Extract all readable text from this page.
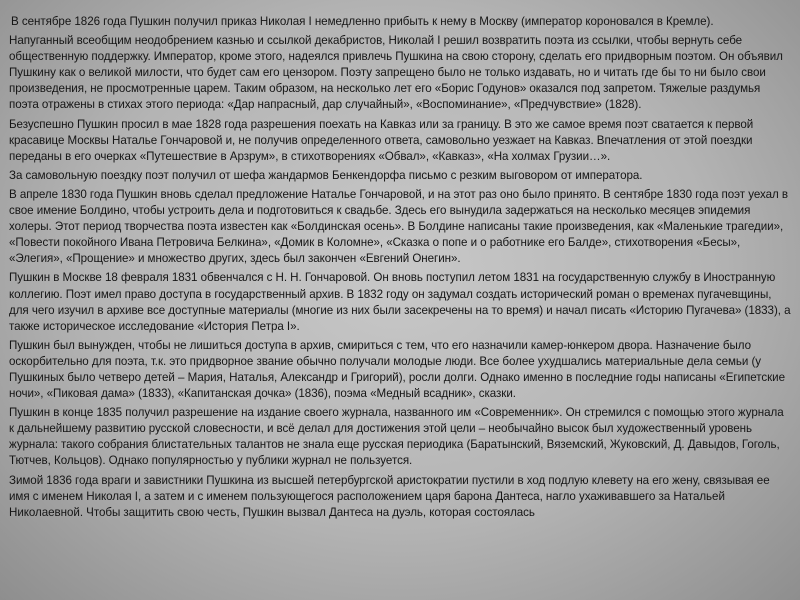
В сентябре 1826 года Пушкин получил приказ Николая I немедленно прибыть к нему в Москву (император короновался в Кремле).

Напуганный всеобщим неодобрением казнью и ссылкой декабристов, Николай I решил возвратить поэта из ссылки, чтобы вернуть себе общественную поддержку. Император, кроме этого, надеялся привлечь Пушкина на свою сторону, сделать его придворным поэтом. Он объявил Пушкину как о великой милости, что будет сам его цензором. Поэту запрещено было не только издавать, но и читать где бы то ни было свои произведения, не просмотренные царем. Таким образом, на несколько лет его «Борис Годунов» оказался под запретом. Тяжелые раздумья поэта отражены в стихах этого периода: «Дар напрасный, дар случайный», «Воспоминание», «Предчувствие» (1828).

Безуспешно Пушкин просил в мае 1828 года разрешения поехать на Кавказ или за границу. В это же самое время поэт сватается к первой красавице Москвы Наталье Гончаровой и, не получив определенного ответа, самовольно уезжает на Кавказ. Впечатления от этой поездки переданы в его очерках «Путешествие в Арзрум», в стихотворениях «Обвал», «Кавказ», «На холмах Грузии…».

За самовольную поездку поэт получил от шефа жандармов Бенкендорфа письмо с резким выговором от императора.

В апреле 1830 года Пушкин вновь сделал предложение Наталье Гончаровой, и на этот раз оно было принято. В сентябре 1830 года поэт уехал в свое имение Болдино, чтобы устроить дела и подготовиться к свадьбе. Здесь его вынудила задержаться на несколько месяцев эпидемия холеры. Этот период творчества поэта известен как «Болдинская осень». В Болдине написаны такие произведения, как «Маленькие трагедии», «Повести покойного Ивана Петровича Белкина», «Домик в Коломне», «Сказка о попе и о работнике его Балде», стихотворения «Бесы», «Элегия», «Прощение» и множество других, здесь был закончен «Евгений Онегин».

Пушкин в Москве 18 февраля 1831 обвенчался с Н. Н. Гончаровой. Он вновь поступил летом 1831 на государственную службу в Иностранную коллегию. Поэт имел право доступа в государственный архив. В 1832 году он задумал создать исторический роман о временах пугачевщины, для чего изучил в архиве все доступные материалы (многие из них были засекречены на то время) и начал писать «Историю Пугачева» (1833), а также историческое исследование «История Петра I».

Пушкин был вынужден, чтобы не лишиться доступа в архив, смириться с тем, что его назначили камер-юнкером двора. Назначение было оскорбительно для поэта, т.к. это придворное звание обычно получали молодые люди. Все более ухудшались материальные дела семьи (у Пушкиных было четверо детей – Мария, Наталья, Александр и Григорий), росли долги. Однако именно в последние годы написаны «Египетские ночи», «Пиковая дама» (1833), «Капитанская дочка» (1836), поэма «Медный всадник», сказки.

Пушкин в конце 1835 получил разрешение на издание своего журнала, названного им «Современник». Он стремился с помощью этого журнала к дальнейшему развитию русской словесности, и всё делал для достижения этой цели – необычайно высок был художественный уровень журнала: такого собрания блистательных талантов не знала еще русская периодика (Баратынский, Вяземский, Жуковский, Д. Давыдов, Гоголь, Тютчев, Кольцов). Однако популярностью у публики журнал не пользуется.

Зимой 1836 года враги и завистники Пушкина из высшей петербургской аристократии пустили в ход подлую клевету на его жену, связывая ее имя с именем Николая I, а затем и с именем пользующегося расположением царя барона Дантеса, нагло ухаживавшего за Натальей Николаевной. Чтобы защитить свою честь, Пушкин вызвал Дантеса на дуэль, которая состоялась
